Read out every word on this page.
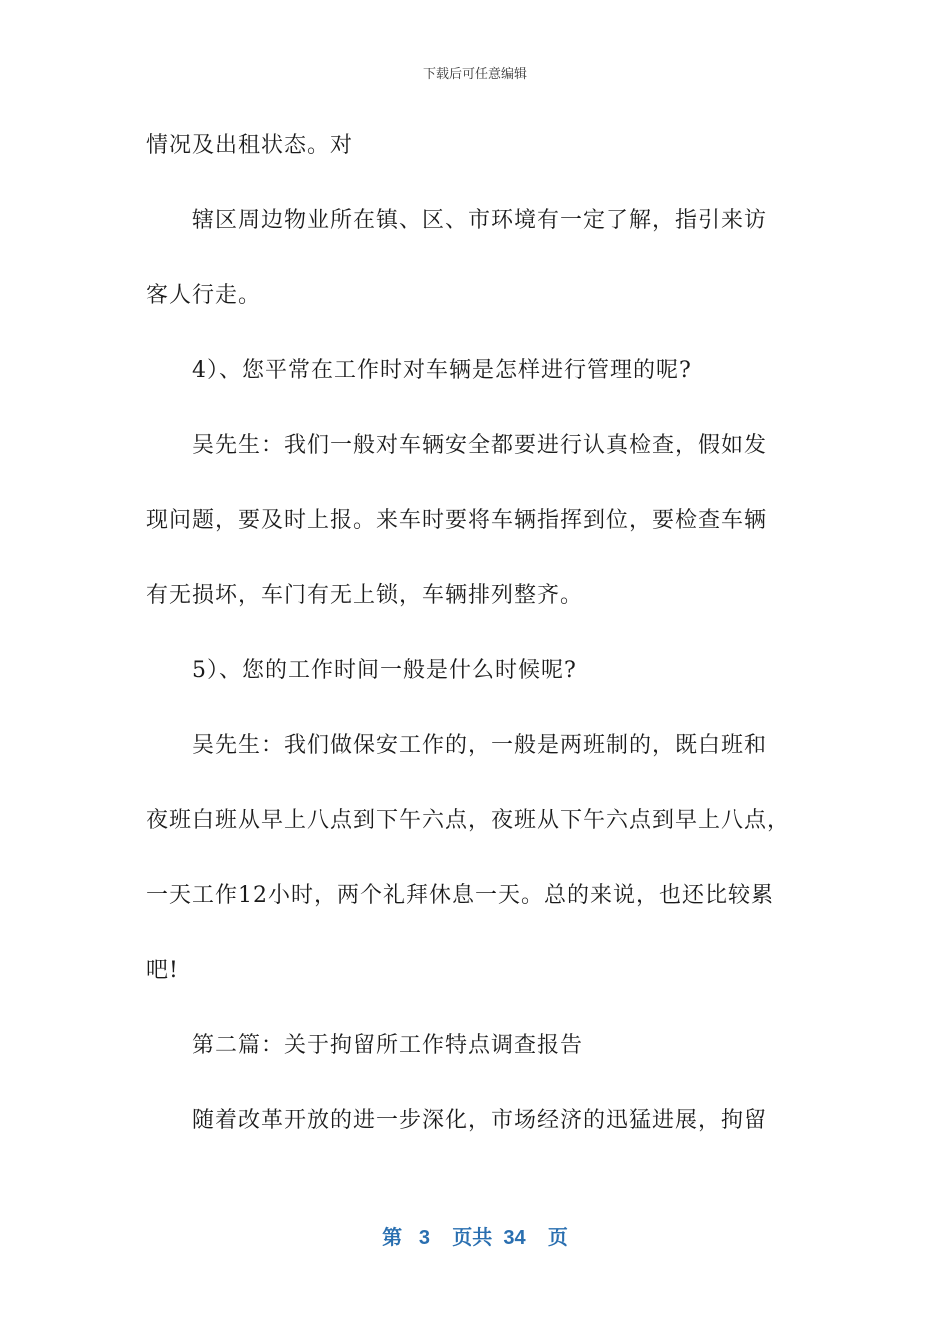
下载后可任意编辑
情况及出租状态。对
辖区周边物业所在镇、区、市环境有一定了解，指引来访
客人行走。
4）、您平常在工作时对车辆是怎样进行管理的呢?
吴先生：我们一般对车辆安全都要进行认真检查，假如发
现问题，要及时上报。来车时要将车辆指挥到位，要检查车辆
有无损坏，车门有无上锁，车辆排列整齐。
5）、您的工作时间一般是什么时候呢?
吴先生：我们做保安工作的，一般是两班制的，既白班和
夜班白班从早上八点到下午六点，夜班从下午六点到早上八点，
一天工作12小时，两个礼拜休息一天。总的来说，也还比较累
吧!
第二篇：关于拘留所工作特点调查报告
随着改革开放的进一步深化，市场经济的迅猛进展，拘留
第 3 页共 34 页
